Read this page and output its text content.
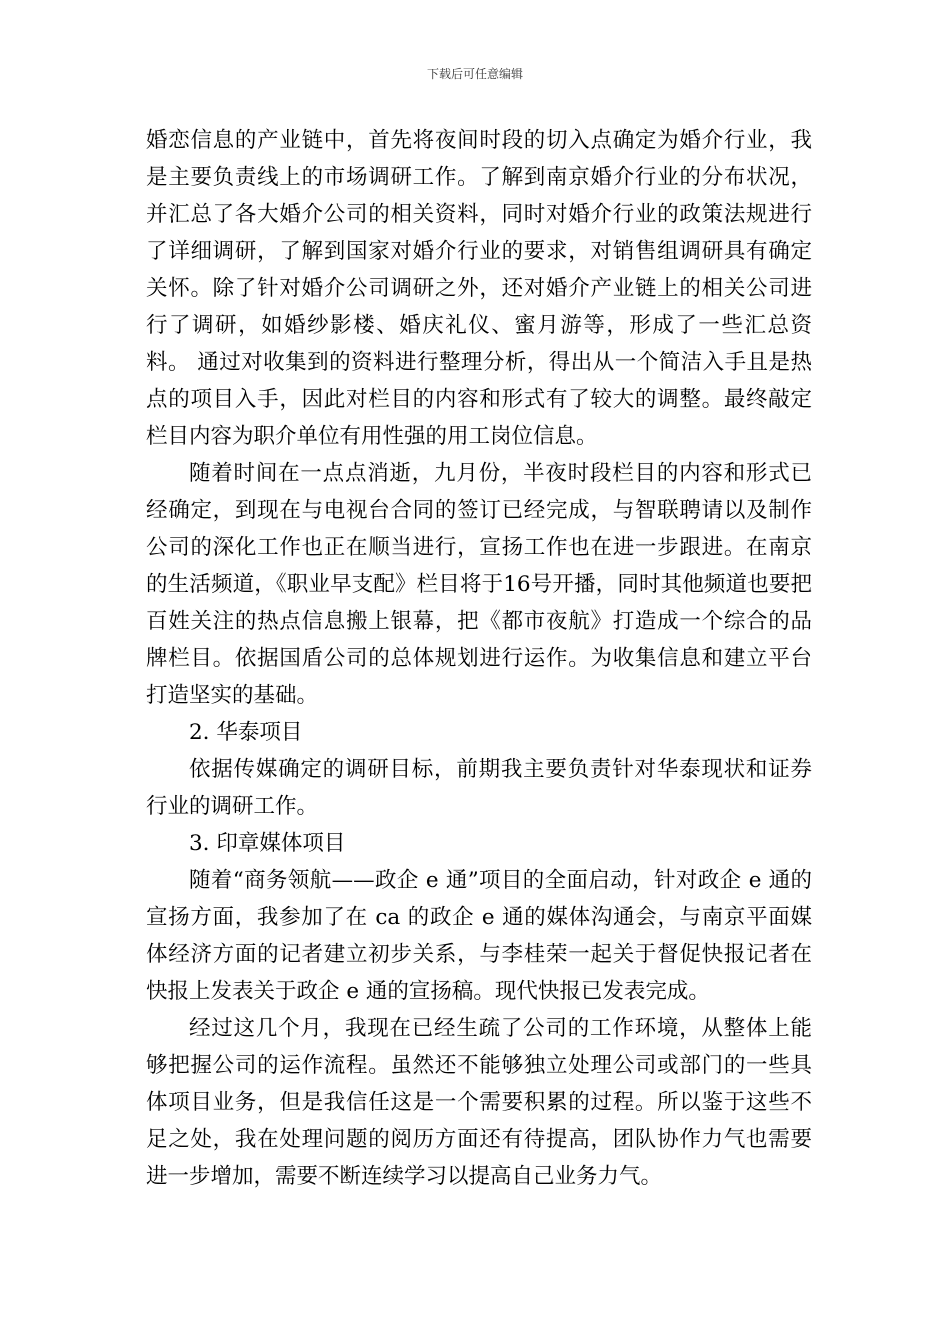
下载后可任意编辑

婚恋信息的产业链中，首先将夜间时段的切入点确定为婚介行业，我是主要负责线上的市场调研工作。了解到南京婚介行业的分布状况，并汇总了各大婚介公司的相关资料，同时对婚介行业的政策法规进行了详细调研，了解到国家对婚介行业的要求，对销售组调研具有确定关怀。除了针对婚介公司调研之外，还对婚介产业链上的相关公司进行了调研，如婚纱影楼、婚庆礼仪、蜜月游等，形成了一些汇总资料。 通过对收集到的资料进行整理分析，得出从一个简洁入手且是热点的项目入手，因此对栏目的内容和形式有了较大的调整。最终敲定栏目内容为职介单位有用性强的用工岗位信息。

随着时间在一点点消逝，九月份，半夜时段栏目的内容和形式已经确定，到现在与电视台合同的签订已经完成，与智联聘请以及制作公司的深化工作也正在顺当进行，宣扬工作也在进一步跟进。在南京的生活频道，《职业早支配》栏目将于16号开播，同时其他频道也要把百姓关注的热点信息搬上银幕，把《都市夜航》打造成一个综合的品牌栏目。依据国盾公司的总体规划进行运作。为收集信息和建立平台打造坚实的基础。

2. 华泰项目

依据传媒确定的调研目标，前期我主要负责针对华泰现状和证券行业的调研工作。

3. 印章媒体项目

随着“商务领航——政企 e 通”项目的全面启动，针对政企 e 通的宣扬方面，我参加了在 ca 的政企 e 通的媒体沟通会，与南京平面媒体经济方面的记者建立初步关系，与李桂荣一起关于督促快报记者在快报上发表关于政企 e 通的宣扬稿。现代快报已发表完成。

经过这几个月，我现在已经生疏了公司的工作环境，从整体上能够把握公司的运作流程。虽然还不能够独立处理公司或部门的一些具体项目业务，但是我信任这是一个需要积累的过程。所以鉴于这些不足之处，我在处理问题的阅历方面还有待提高，团队协作力气也需要进一步增加，需要不断连续学习以提高自己业务力气。
